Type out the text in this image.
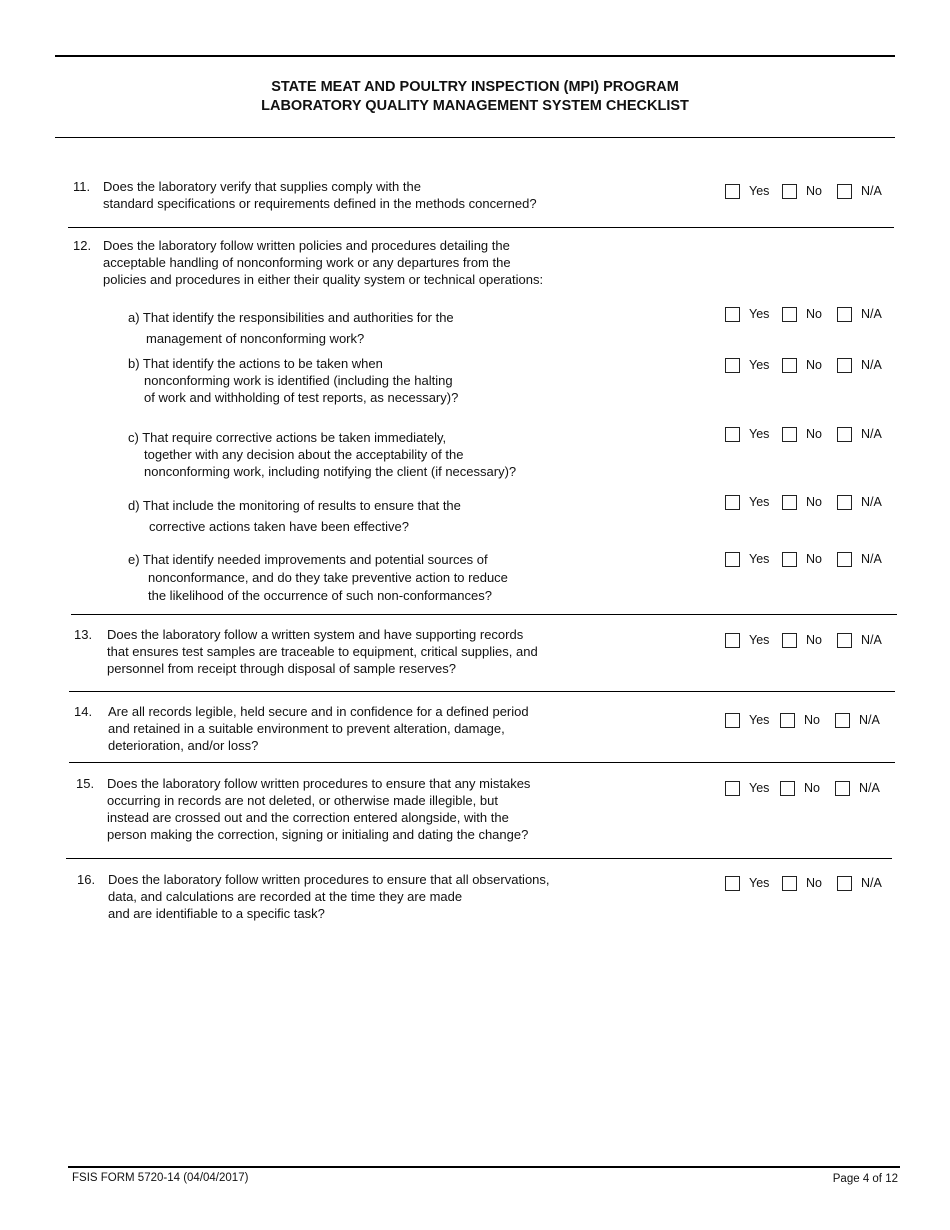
STATE MEAT AND POULTRY INSPECTION (MPI) PROGRAM
LABORATORY QUALITY MANAGEMENT SYSTEM CHECKLIST
11. Does the laboratory verify that supplies comply with the
standard specifications or requirements defined in the methods concerned?
Yes	No	N/A
12. Does the laboratory follow written policies and procedures detailing the
acceptable handling of nonconforming work or any departures from the
policies and procedures in either their quality system or technical operations:
a) That identify the responsibilities and authorities for the
management of nonconforming work?
Yes	No	N/A
b) That identify the actions to be taken when
nonconforming work is identified (including the halting
of work and withholding of test reports, as necessary)?
Yes	No	N/A
c) That require corrective actions be taken immediately,
together with any decision about the acceptability of the
nonconforming work, including notifying the client (if necessary)?
Yes	No	N/A
d) That include the monitoring of results to ensure that the
corrective actions taken have been effective?
Yes	No	N/A
e) That identify needed improvements and potential sources of
nonconformance, and do they take preventive action to reduce
the likelihood of the occurrence of such non-conformances?
Yes	No	N/A
13. Does the laboratory follow a written system and have supporting records
that ensures test samples are traceable to equipment, critical supplies, and
personnel from receipt through disposal of sample reserves?
Yes	No	N/A
14. Are all records legible, held secure and in confidence for a defined period
and retained in a suitable environment to prevent alteration, damage,
deterioration, and/or loss?
Yes	No	N/A
15. Does the laboratory follow written procedures to ensure that any mistakes
occurring in records are not deleted, or otherwise made illegible, but
instead are crossed out and the correction entered alongside, with the
person making the correction, signing or initialing and dating the change?
Yes	No	N/A
16. Does the laboratory follow written procedures to ensure that all observations,
data, and calculations are recorded at the time they are made
and are identifiable to a specific task?
Yes	No	N/A
FSIS FORM 5720-14 (04/04/2017)	Page 4 of 12
